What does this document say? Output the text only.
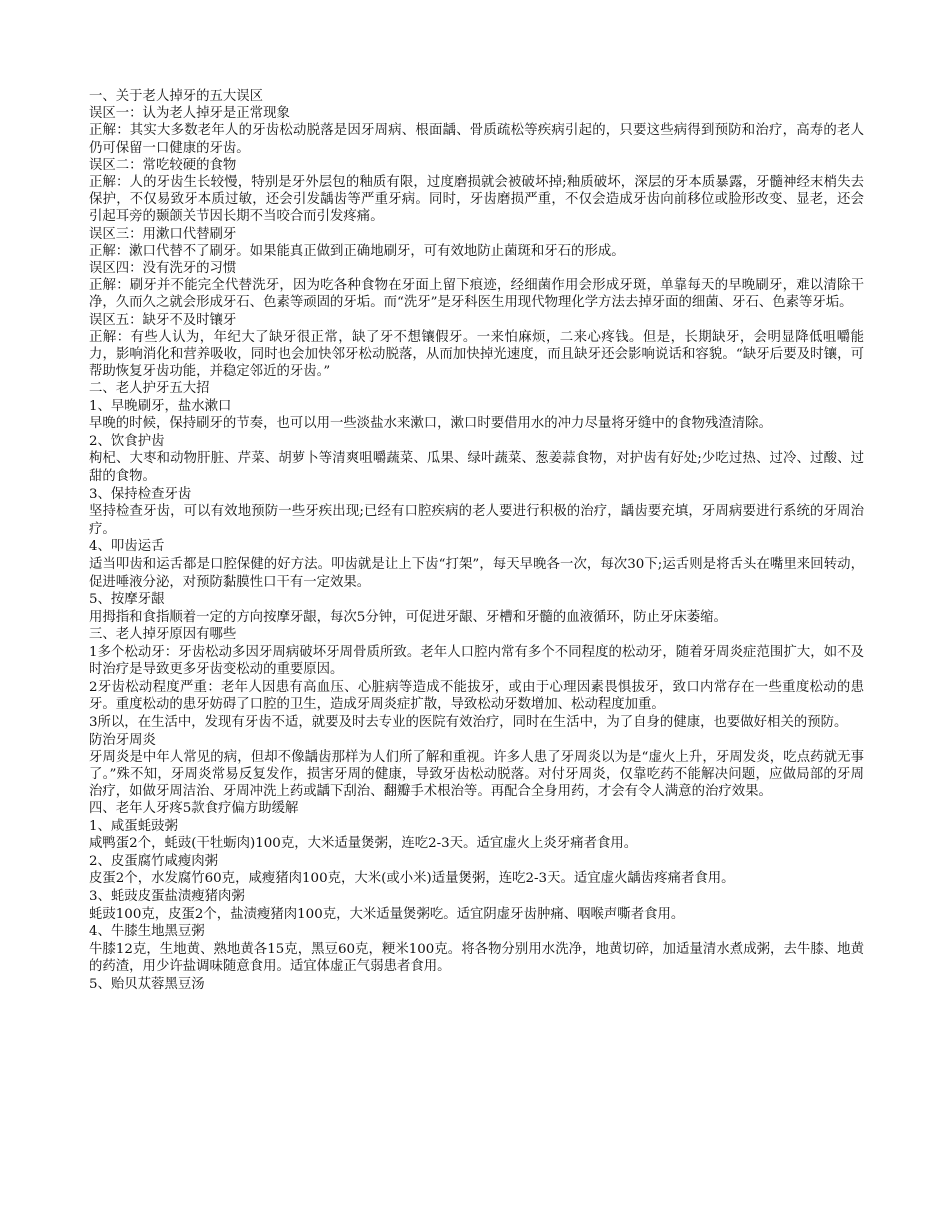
一、关于老人掉牙的五大误区

误区一：认为老人掉牙是正常现象

正解：其实大多数老年人的牙齿松动脱落是因牙周病、根面龋、骨质疏松等疾病引起的，只要这些病得到预防和治疗，高寿的老人仍可保留一口健康的牙齿。

误区二：常吃较硬的食物

正解：人的牙齿生长较慢，特别是牙外层包的釉质有限，过度磨损就会被破坏掉;釉质破坏，深层的牙本质暴露，牙髓神经末梢失去保护，不仅易致牙本质过敏，还会引发龋齿等严重牙病。同时，牙齿磨损严重，不仅会造成牙齿向前移位或脸形改变、显老，还会引起耳旁的颞颌关节因长期不当咬合而引发疼痛。

误区三：用漱口代替刷牙

正解：漱口代替不了刷牙。如果能真正做到正确地刷牙，可有效地防止菌斑和牙石的形成。

误区四：没有洗牙的习惯

正解：刷牙并不能完全代替洗牙，因为吃各种食物在牙面上留下痕迹，经细菌作用会形成牙斑，单靠每天的早晚刷牙，难以清除干净，久而久之就会形成牙石、色素等顽固的牙垢。而“洗牙”是牙科医生用现代物理化学方法去掉牙面的细菌、牙石、色素等牙垢。

误区五：缺牙不及时镶牙

正解：有些人认为，年纪大了缺牙很正常，缺了牙不想镶假牙。一来怕麻烦，二来心疼钱。但是，长期缺牙，会明显降低咀嚼能力，影响消化和营养吸收，同时也会加快邻牙松动脱落，从而加快掉光速度，而且缺牙还会影响说话和容貌。“缺牙后要及时镶，可帮助恢复牙齿功能，并稳定邻近的牙齿。”

二、老人护牙五大招

1、早晚刷牙，盐水漱口

早晚的时候，保持刷牙的节奏，也可以用一些淡盐水来漱口，漱口时要借用水的冲力尽量将牙缝中的食物残渣清除。

2、饮食护齿

枸杞、大枣和动物肝脏、芹菜、胡萝卜等清爽咀嚼蔬菜、瓜果、绿叶蔬菜、葱姜蒜食物，对护齿有好处;少吃过热、过冷、过酸、过甜的食物。

3、保持检查牙齿

坚持检查牙齿，可以有效地预防一些牙疾出现;已经有口腔疾病的老人要进行积极的治疗，龋齿要充填，牙周病要进行系统的牙周治疗。

4、叩齿运舌

适当叩齿和运舌都是口腔保健的好方法。叩齿就是让上下齿“打架”，每天早晚各一次，每次30下;运舌则是将舌头在嘴里来回转动，促进唾液分泌，对预防黏膜性口干有一定效果。

5、按摩牙龈

用拇指和食指顺着一定的方向按摩牙龈，每次5分钟，可促进牙龈、牙槽和牙髓的血液循环，防止牙床萎缩。

三、老人掉牙原因有哪些

1多个松动牙：牙齿松动多因牙周病破坏牙周骨质所致。老年人口腔内常有多个不同程度的松动牙，随着牙周炎症范围扩大，如不及时治疗是导致更多牙齿变松动的重要原因。

2牙齿松动程度严重：老年人因患有高血压、心脏病等造成不能拔牙，或由于心理因素畏惧拔牙，致口内常存在一些重度松动的患牙。重度松动的患牙妨碍了口腔的卫生，造成牙周炎症扩散，导致松动牙数增加、松动程度加重。

3所以，在生活中，发现有牙齿不适，就要及时去专业的医院有效治疗，同时在生活中，为了自身的健康，也要做好相关的预防。

防治牙周炎

牙周炎是中年人常见的病，但却不像龋齿那样为人们所了解和重视。许多人患了牙周炎以为是“虚火上升，牙周发炎，吃点药就无事了。”殊不知，牙周炎常易反复发作，损害牙周的健康，导致牙齿松动脱落。对付牙周炎，仅靠吃药不能解决问题，应做局部的牙周治疗，如做牙周洁治、牙周冲洗上药或龋下刮治、翻瓣手术根治等。再配合全身用药，才会有令人满意的治疗效果。

四、老年人牙疼5款食疗偏方助缓解

1、咸蛋蚝豉粥

咸鸭蛋2个，蚝豉(干牡蛎肉)100克，大米适量煲粥，连吃2-3天。适宜虚火上炎牙痛者食用。

2、皮蛋腐竹咸瘦肉粥

皮蛋2个，水发腐竹60克，咸瘦猪肉100克，大米(或小米)适量煲粥，连吃2-3天。适宜虚火龋齿疼痛者食用。

3、蚝豉皮蛋盐渍瘦猪肉粥

蚝豉100克，皮蛋2个，盐渍瘦猪肉100克，大米适量煲粥吃。适宜阴虚牙齿肿痛、咽喉声嘶者食用。

4、牛膝生地黑豆粥

牛膝12克，生地黄、熟地黄各15克，黑豆60克，粳米100克。将各物分别用水洗净，地黄切碎，加适量清水煮成粥，去牛膝、地黄的药渣，用少许盐调味随意食用。适宜体虚正气弱患者食用。

5、贻贝苁蓉黑豆汤
